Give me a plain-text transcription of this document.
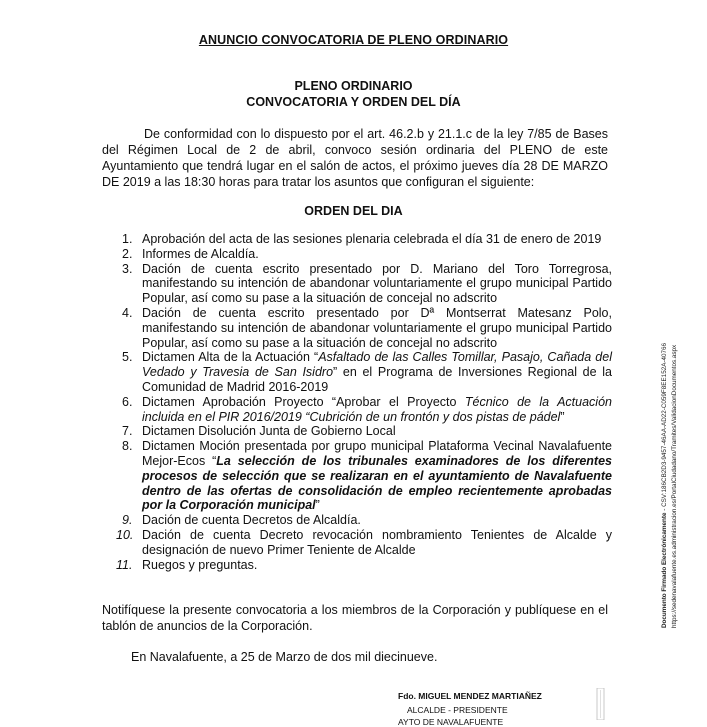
ANUNCIO CONVOCATORIA DE PLENO ORDINARIO
PLENO ORDINARIO
CONVOCATORIA Y ORDEN DEL DÍA
De conformidad con lo dispuesto por el art. 46.2.b y 21.1.c de la ley 7/85 de Bases del Régimen Local de 2 de abril, convoco sesión ordinaria del PLENO de este Ayuntamiento que tendrá lugar en el salón de actos, el próximo jueves día 28 DE MARZO DE 2019 a las 18:30 horas para tratar los asuntos que configuran el siguiente:
ORDEN DEL DIA
1. Aprobación del acta de las sesiones plenaria celebrada el día 31 de enero de 2019
2. Informes de Alcaldía.
3. Dación de cuenta escrito presentado por D. Mariano del Toro Torregrosa, manifestando su intención de abandonar voluntariamente el grupo municipal Partido Popular, así como su pase a la situación de concejal no adscrito
4. Dación de cuenta escrito presentado por Dª Montserrat Matesanz Polo, manifestando su intención de abandonar voluntariamente el grupo municipal Partido Popular, así como su pase a la situación de concejal no adscrito
5. Dictamen Alta de la Actuación “Asfaltado de las Calles Tomillar, Pasajo, Cañada del Vedado y Travesia de San Isidro” en el Programa de Inversiones Regional de la Comunidad de Madrid 2016-2019
6. Dictamen Aprobación Proyecto “Aprobar el Proyecto Técnico de la Actuación incluida en el PIR 2016/2019 “Cubrición de un frontón y dos pistas de pádel”
7. Dictamen Disolución Junta de Gobierno Local
8. Dictamen Moción presentada por grupo municipal Plataforma Vecinal Navalafuente Mejor-Ecos “La selección de los tribunales examinadores de los diferentes procesos de selección que se realizaran en el ayuntamiento de Navalafuente dentro de las ofertas de consolidación de empleo recientemente aprobadas por la Corporación municipal”
9. Dación de cuenta Decretos de Alcaldía.
10. Dación de cuenta Decreto revocación nombramiento Tenientes de Alcalde y designación de nuevo Primer Teniente de Alcalde
11. Ruegos y preguntas.
Notifíquese la presente convocatoria a los miembros de la Corporación y publíquese en el tablón de anuncios de la Corporación.
En Navalafuente, a 25 de Marzo de dos mil diecinueve.
Fdo. MIGUEL MENDEZ MARTIAÑEZ
ALCALDE - PRESIDENTE
AYTO DE NAVALAFUENTE
Documento Firmado Electrónicamente - CSV:186CB2D3-9457-46AA-AD22-C059F8EE152A-40766 https://sedenavalafuente.es.administracion.es/PortalCiudadano/Tramites/ValidacionDocumentos.aspx
